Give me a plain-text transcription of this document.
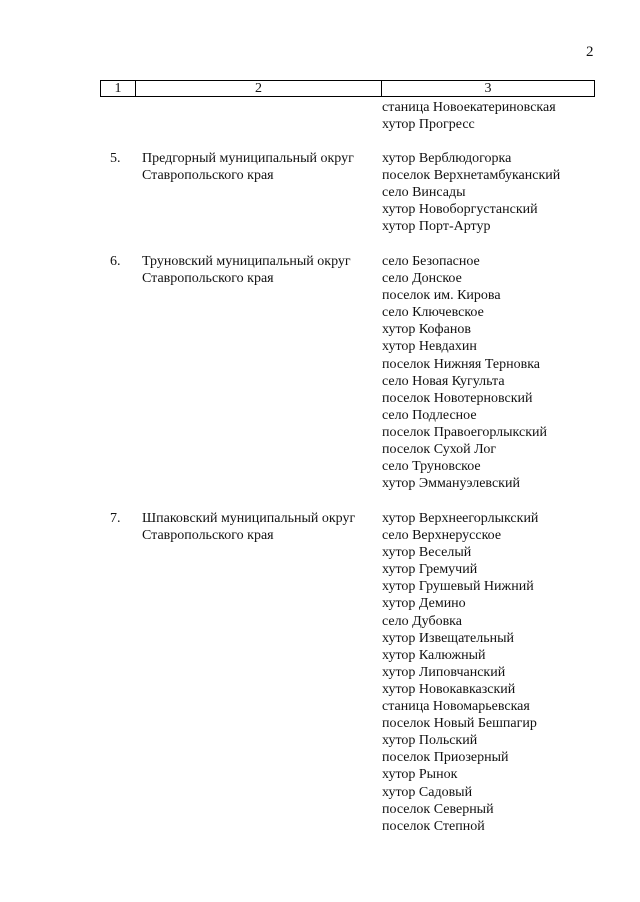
2
1	2	3
станица Новоекатериновская
хутор Прогресс
5. Предгорный муниципальный округ
Ставропольского края
хутор Верблюдогорка
поселок Верхнетамбуканский
село Винсады
хутор Новоборгустанский
хутор Порт-Артур
6. Труновский муниципальный округ
Ставропольского края
село Безопасное
село Донское
поселок им. Кирова
село Ключевское
хутор Кофанов
хутор Невдахин
поселок Нижняя Терновка
село Новая Кугульта
поселок Новотерновский
село Подлесное
поселок Правоегорлыкский
поселок Сухой Лог
село Труновское
хутор Эммануэлевский
7. Шпаковский муниципальный округ
Ставропольского края
хутор Верхнеегорлыкский
село Верхнерусское
хутор Веселый
хутор Гремучий
хутор Грушевый Нижний
хутор Демино
село Дубовка
хутор Извещательный
хутор Калюжный
хутор Липовчанский
хутор Новокавказский
станица Новомарьевская
поселок Новый Бешпагир
хутор Польский
поселок Приозерный
хутор Рынок
хутор Садовый
поселок Северный
поселок Степной
